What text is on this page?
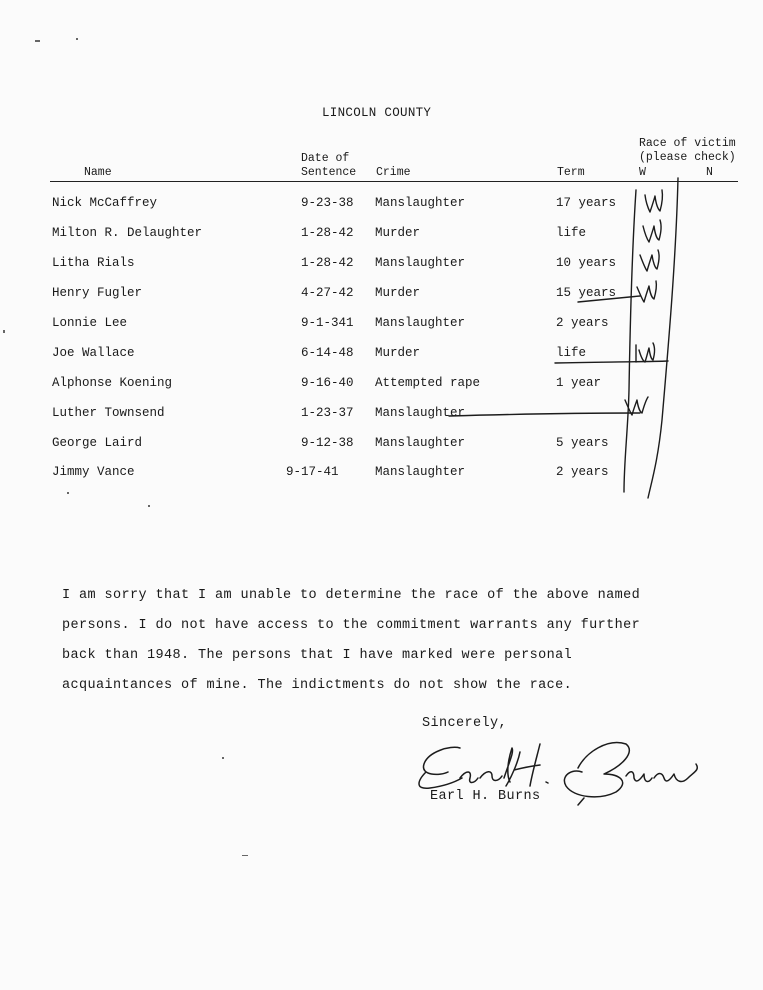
LINCOLN COUNTY
Name
Date of
Sentence Crime	Term
Race of victim
(please check)
W	N
Nick McCaffrey	9-23-38 Manslaughter	17 years
Milton R. Delaughter	1-28-42 Murder	life
Litha Rials	1-28-42 Manslaughter	10 years
Henry Fugler	4-27-42 Murder	15 years
Lonnie Lee	9-1-341 Manslaughter	2 years
Joe Wallace	6-14-48 Murder	life
Alphonse Koening	9-16-40 Attempted rape	1 year
Luther Townsend	1-23-37 Manslaughter
George Laird	9-12-38 Manslaughter	5 years
Jimmy Vance	9-17-41	Manslaughter	2 years
I am sorry that I am unable to determine the race of the above named
persons. I do not have access to the commitment warrants any further
back than 1948. The persons that I have marked were personal
acquaintances of mine. The indictments do not show the race.
Sincerely,
Earl H. Burns
